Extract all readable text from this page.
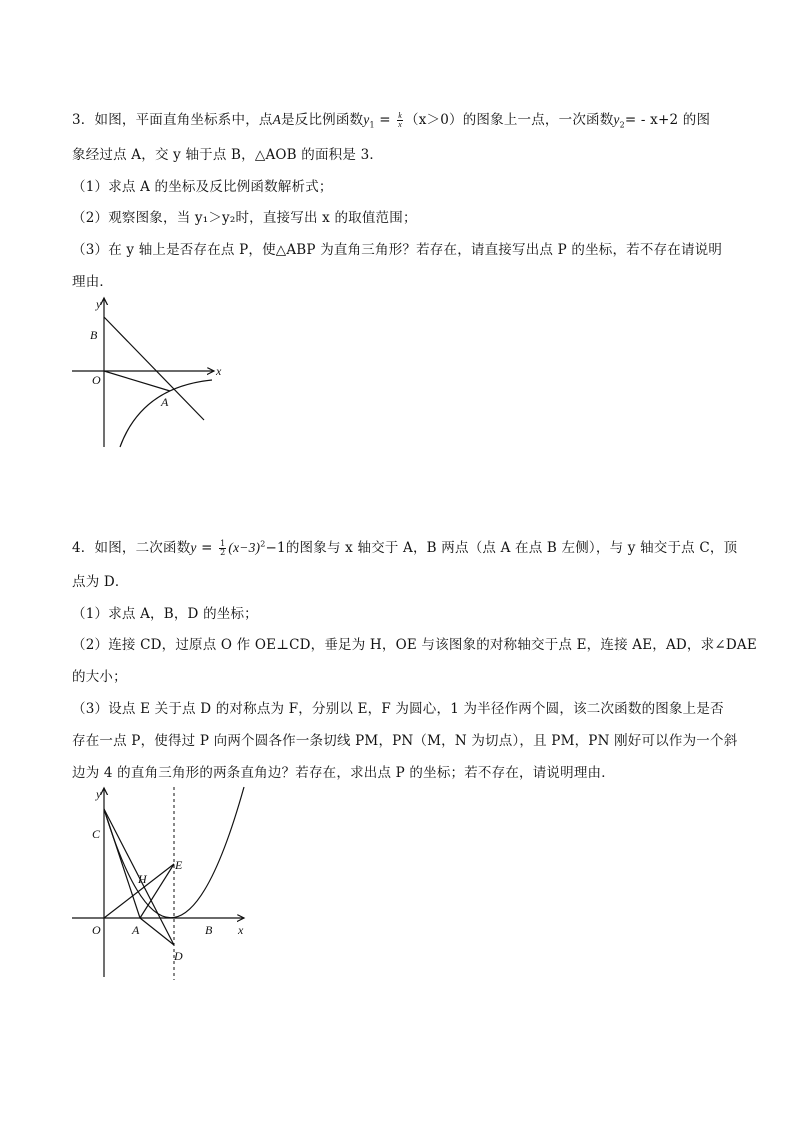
3．如图，平面直角坐标系中，点A是反比例函数$y_1 = \frac{k}{x} (x>0)$的图象上一点，一次函数$y_2= - x+2$ 的图
象经过点 A，交 y 轴于点 B，△AOB 的面积是 3．
（1）求点 A 的坐标及反比例函数解析式；
（2）观察图象，当 y₁＞y₂时，直接写出 x 的取值范围；
（3）在 y 轴上是否存在点 P，使△ABP 为直角三角形？若存在，请直接写出点 P 的坐标，若不存在请说明
理由．
y
B
O
x
A
4．如图，二次函数$y = \frac{1}{2} (x-3)^2-1$的图象与 x 轴交于 A，B 两点（点 A 在点 B 左侧），与 y 轴交于点 C，顶
点为 D．
（1）求点 A，B，D 的坐标；
（2）连接 CD，过原点 O 作 OE⊥CD，垂足为 H，OE 与该图象的对称轴交于点 E，连接 AE，AD，求∠DAE
的大小；
（3）设点 E 关于点 D 的对称点为 F，分别以 E，F 为圆心，1 为半径作两个圆，该二次函数的图象上是否
存在一点 P，使得过 P 向两个圆各作一条切线 PM，PN（M，N 为切点），且 PM，PN 刚好可以作为一个斜
边为 4 的直角三角形的两条直角边？若存在，求出点 P 的坐标；若不存在，请说明理由．
y
C
E
H
O	A	B
D
x
